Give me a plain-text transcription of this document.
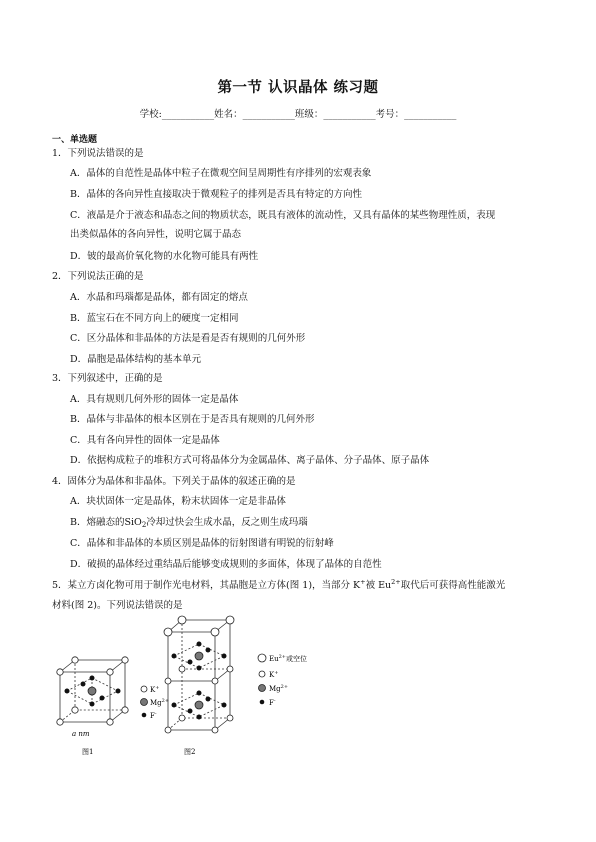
第一节 认识晶体 练习题
学校:___________姓名：___________班级：___________考号：___________
一、单选题
1．下列说法错误的是
A．晶体的自范性是晶体中粒子在微观空间呈周期性有序排列的宏观表象
B．晶体的各向异性直接取决于微观粒子的排列是否具有特定的方向性
C．液晶是介于液态和晶态之间的物质状态，既具有液体的流动性，又具有晶体的某些物理性质，表现
出类似晶体的各向异性，说明它属于晶态
D．铍的最高价氧化物的水化物可能具有两性
2．下列说法正确的是
A．水晶和玛瑙都是晶体，都有固定的熔点
B．蓝宝石在不同方向上的硬度一定相同
C．区分晶体和非晶体的方法是看是否有规则的几何外形
D．晶胞是晶体结构的基本单元
3．下列叙述中，正确的是
A．具有规则几何外形的固体一定是晶体
B．晶体与非晶体的根本区别在于是否具有规则的几何外形
C．具有各向异性的固体一定是晶体
D．依据构成粒子的堆积方式可将晶体分为金属晶体、离子晶体、分子晶体、原子晶体
4．固体分为晶体和非晶体。下列关于晶体的叙述正确的是
A．块状固体一定是晶体，粉末状固体一定是非晶体
B．熔融态的SiO$_2$冷却过快会生成水晶，反之则生成玛瑙
C．晶体和非晶体的本质区别是晶体的衍射图谱有明锐的衍射峰
D．破损的晶体经过重结晶后能够变成规则的多面体，体现了晶体的自范性
5．某立方卤化物可用于制作光电材料，其晶胞是立方体(图 1)，当部分 K+被 $Eu^{2+}$取代后可获得高性能激光
材料(图 2)。下列说法错误的是
a nm
图1
K+
$Mg^{2+}$
F-
图2
$Eu^{2+}$或空位
K+
$Mg^{2+}$
F-
